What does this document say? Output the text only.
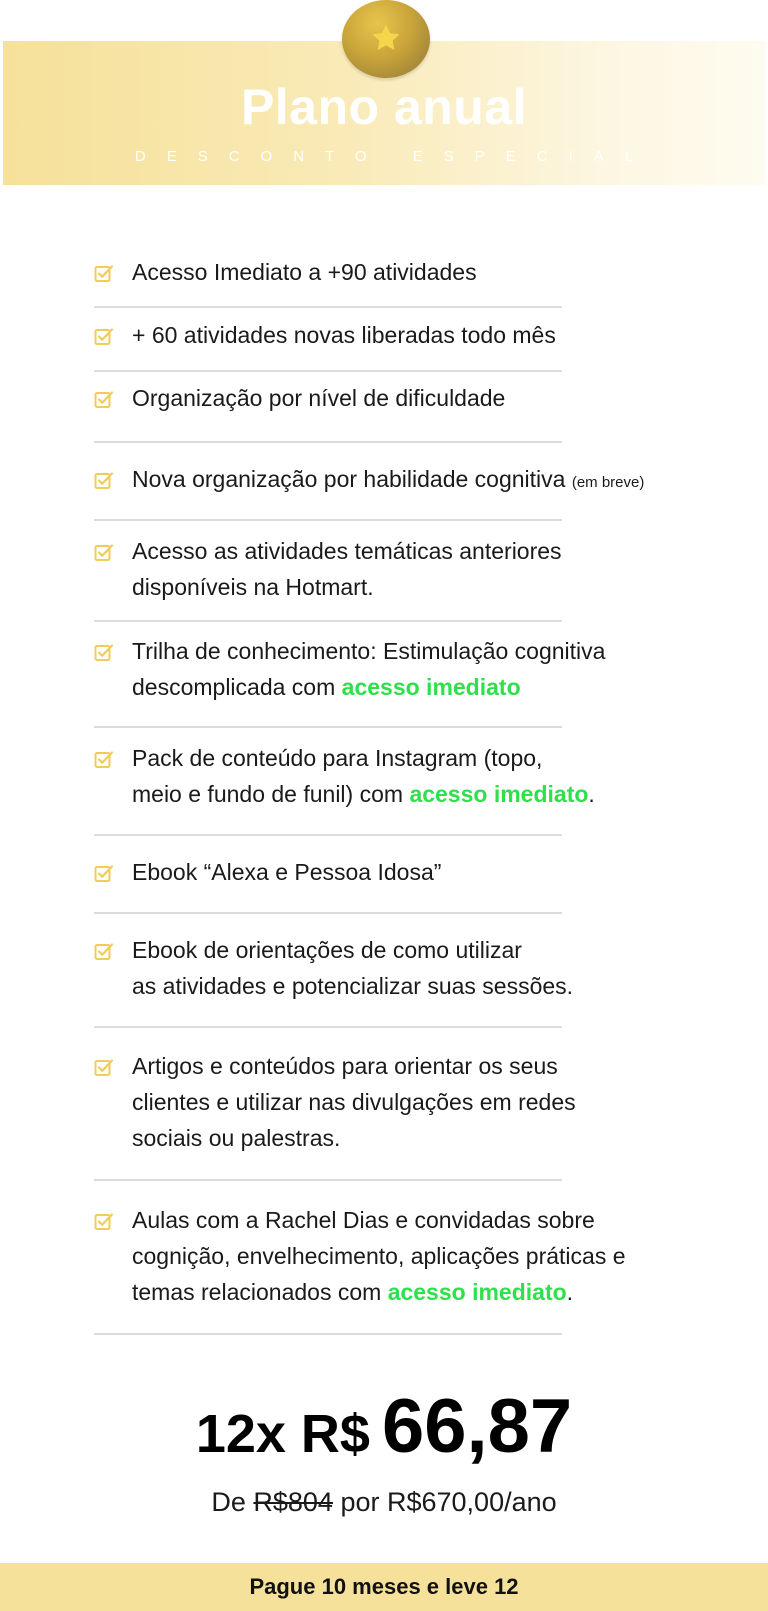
Plano anual
DESCONTO ESPECIAL
Acesso Imediato a +90 atividades
+ 60 atividades novas liberadas todo mês
Organização por nível de dificuldade
Nova organização por habilidade cognitiva (em breve)
Acesso as atividades temáticas anteriores
disponíveis na Hotmart.
Trilha de conhecimento: Estimulação cognitiva
descomplicada com acesso imediato
Pack de conteúdo para Instagram (topo,
meio e fundo de funil) com acesso imediato.
Ebook “Alexa e Pessoa Idosa”
Ebook de orientações de como utilizar
as atividades e potencializar suas sessões.
Artigos e conteúdos para orientar os seus
clientes e utilizar nas divulgações em redes
sociais ou palestras.
Aulas com a Rachel Dias e convidadas sobre
cognição, envelhecimento, aplicações práticas e
temas relacionados com acesso imediato.
12x R$ 66,87
De R$804 por R$670,00/ano
Pague 10 meses e leve 12
